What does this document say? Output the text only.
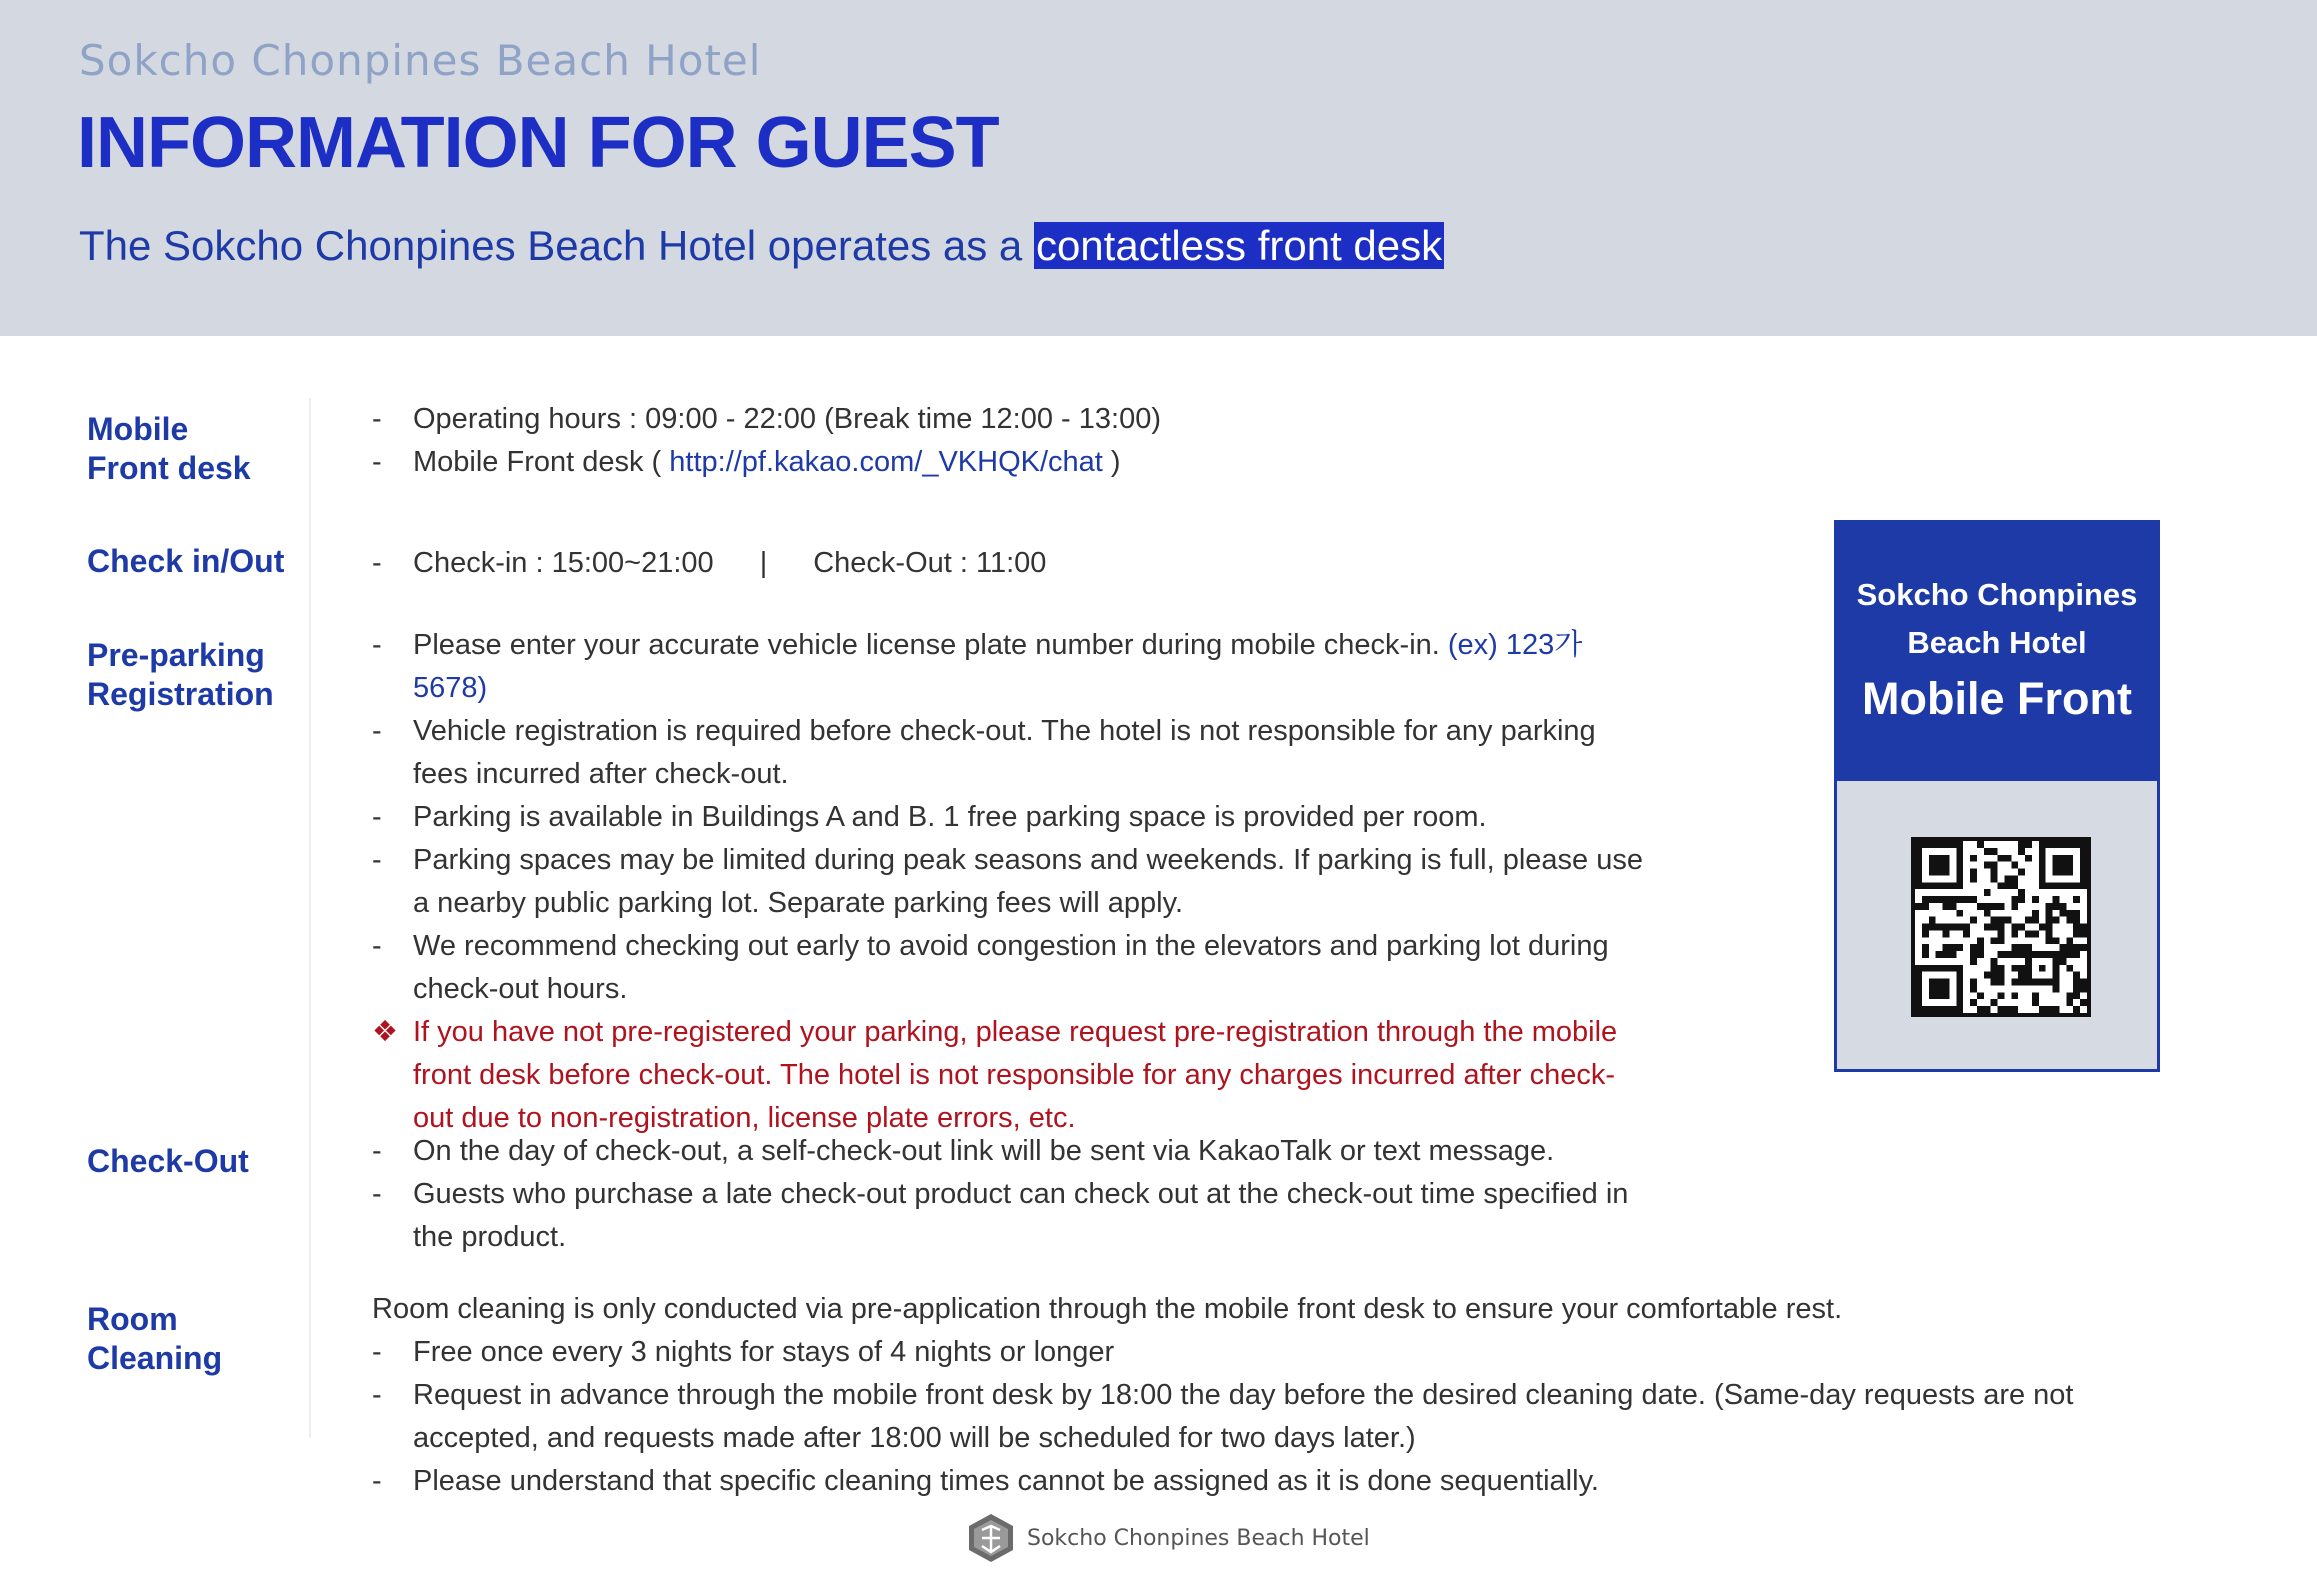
Sokcho Chonpines Beach Hotel
INFORMATION FOR GUEST
The Sokcho Chonpines Beach Hotel operates as a contactless front desk
Mobile
Front desk
- Operating hours : 09:00 - 22:00 (Break time 12:00 - 13:00)
- Mobile Front desk ( http://pf.kakao.com/_VKHQK/chat )
Check in/Out	- Check-in : 15:00~21:00 | Check-Out : 11:00
Pre-parking
Registration
- Please enter your accurate vehicle license plate number during mobile check-in. (ex) 123가5678)
- Vehicle registration is required before check-out. The hotel is not responsible for any parking fees incurred after check-out.
- Parking is available in Buildings A and B. 1 free parking space is provided per room.
- Parking spaces may be limited during peak seasons and weekends. If parking is full, please use a nearby public parking lot. Separate parking fees will apply.
- We recommend checking out early to avoid congestion in the elevators and parking lot during check-out hours.
❖ If you have not pre-registered your parking, please request pre-registration through the mobile front desk before check-out. The hotel is not responsible for any charges incurred after check-out due to non-registration, license plate errors, etc.
Check-Out	- On the day of check-out, a self-check-out link will be sent via KakaoTalk or text message.
- Guests who purchase a late check-out product can check out at the check-out time specified in the product.
Room
Cleaning
Room cleaning is only conducted via pre-application through the mobile front desk to ensure your comfortable rest.
- Free once every 3 nights for stays of 4 nights or longer
- Request in advance through the mobile front desk by 18:00 the day before the desired cleaning date. (Same-day requests are not accepted, and requests made after 18:00 will be scheduled for two days later.)
- Please understand that specific cleaning times cannot be assigned as it is done sequentially.
Sokcho Chonpines
Beach Hotel
Mobile Front
Sokcho Chonpines Beach Hotel
